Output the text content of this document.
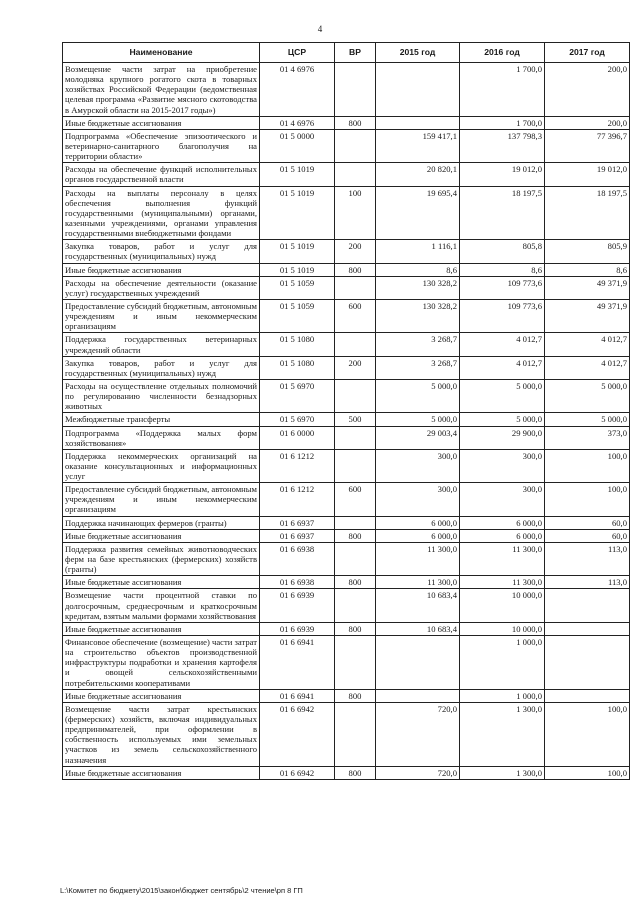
4
Наименование	ЦСР	ВР	2015 год	2016 год	2017 год
Возмещение части затрат на приобретение молодняка крупного рогатого скота в товарных хозяйствах Российской Федерации (ведомственная целевая программа «Развитие мясного скотоводства в Амурской области на 2015-2017 годы»)	01 4 6976			1 700,0	200,0
Иные бюджетные ассигнования	01 4 6976	800		1 700,0	200,0
Подпрограмма «Обеспечение эпизоотического и ветеринарно-санитарного благополучия на территории области»	01 5 0000		159 417,1	137 798,3	77 396,7
Расходы на обеспечение функций исполнительных органов государственной власти	01 5 1019		20 820,1	19 012,0	19 012,0
Расходы на выплаты персоналу в целях обеспечения выполнения функций государственными (муниципальными) органами, казенными учреждениями, органами управления государственными внебюджетными фондами	01 5 1019	100	19 695,4	18 197,5	18 197,5
Закупка товаров, работ и услуг для государственных (муниципальных) нужд	01 5 1019	200	1 116,1	805,8	805,9
Иные бюджетные ассигнования	01 5 1019	800	8,6	8,6	8,6
Расходы на обеспечение деятельности (оказание услуг) государственных учреждений	01 5 1059		130 328,2	109 773,6	49 371,9
Предоставление субсидий бюджетным, автономным учреждениям и иным некоммерческим организациям	01 5 1059	600	130 328,2	109 773,6	49 371,9
Поддержка государственных ветеринарных учреждений области	01 5 1080		3 268,7	4 012,7	4 012,7
Закупка товаров, работ и услуг для государственных (муниципальных) нужд	01 5 1080	200	3 268,7	4 012,7	4 012,7
Расходы на осуществление отдельных полномочий по регулированию численности безнадзорных животных	01 5 6970		5 000,0	5 000,0	5 000,0
Межбюджетные трансферты	01 5 6970	500	5 000,0	5 000,0	5 000,0
Подпрограмма «Поддержка малых форм хозяйствования»	01 6 0000		29 003,4	29 900,0	373,0
Поддержка некоммерческих организаций на оказание консультационных и информационных услуг	01 6 1212		300,0	300,0	100,0
Предоставление субсидий бюджетным, автономным учреждениям и иным некоммерческим организациям	01 6 1212	600	300,0	300,0	100,0
Поддержка начинающих фермеров (гранты)	01 6 6937		6 000,0	6 000,0	60,0
Иные бюджетные ассигнования	01 6 6937	800	6 000,0	6 000,0	60,0
Поддержка развития семейных животноводческих ферм на базе крестьянских (фермерских) хозяйств (гранты)	01 6 6938		11 300,0	11 300,0	113,0
Иные бюджетные ассигнования	01 6 6938	800	11 300,0	11 300,0	113,0
Возмещение части процентной ставки по долгосрочным, среднесрочным и краткосрочным кредитам, взятым малыми формами хозяйствования	01 6 6939		10 683,4	10 000,0	
Иные бюджетные ассигнования	01 6 6939	800	10 683,4	10 000,0	
Финансовое обеспечение (возмещение) части затрат на строительство объектов производственной инфраструктуры подработки и хранения картофеля и овощей сельскохозяйственными потребительскими кооперативами	01 6 6941			1 000,0	
Иные бюджетные ассигнования	01 6 6941	800		1 000,0	
Возмещение части затрат крестьянских (фермерских) хозяйств, включая индивидуальных предпринимателей, при оформлении в собственность используемых ими земельных участков из земель сельскохозяйственного назначения	01 6 6942		720,0	1 300,0	100,0
Иные бюджетные ассигнования	01 6 6942	800	720,0	1 300,0	100,0
L:\Комитет по бюджету\2015\закон\бюджет сентябрь\2 чтение\рп 8 ГП
